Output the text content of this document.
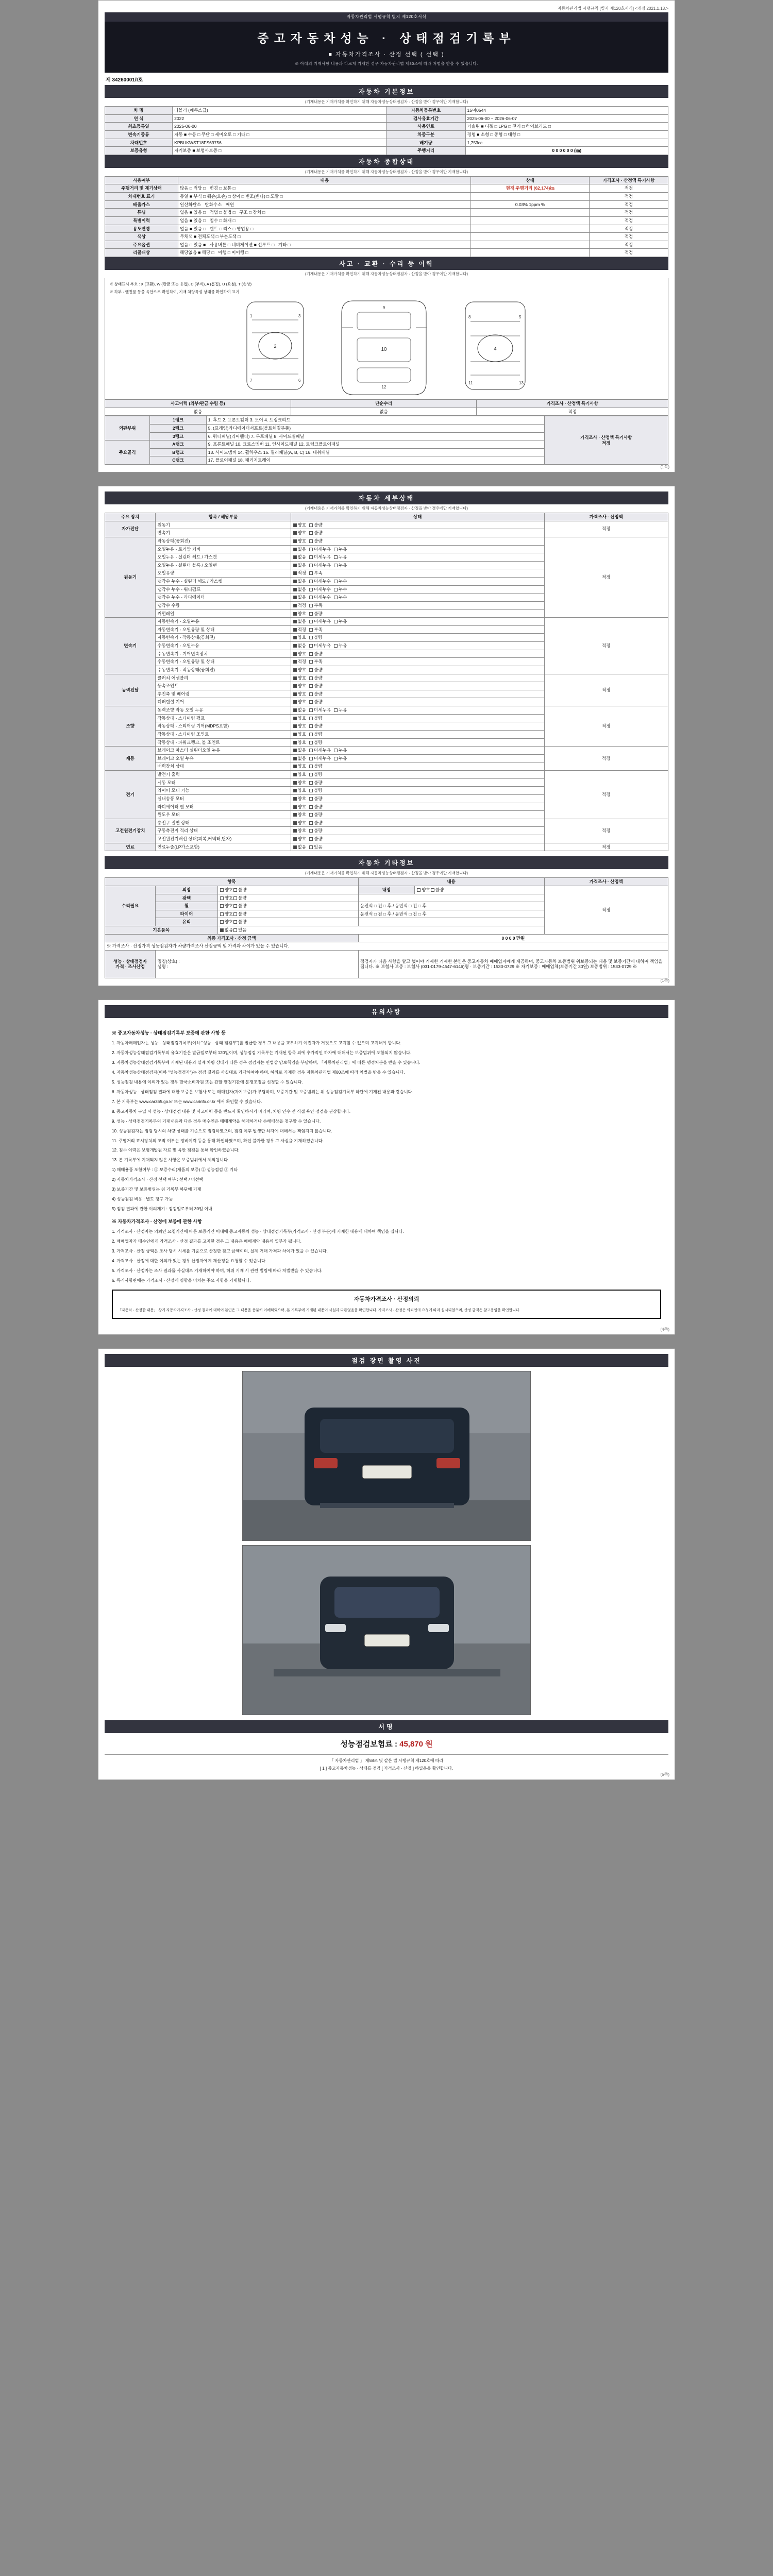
자동차관리법 시행규칙 [별지 제120호서식] <개정 2021.1.13.>
자동차관리법 시행규칙 별지 제120호서식
중고자동차성능 · 상태점검기록부
■ 자동차가격조사 · 산정 선택 ( 선택 )
※ 아래의 기재사항 내용과 다르게 기재한 경우 자동차관리법 제80조에 따라 처벌을 받을 수 있습니다.
제 34260001/I호
자동차 기본정보
(기재내용은 기재가치를 확인하기 위해 자동차성능상태점검자 · 산정을 받아 경우에만 기재합니다)
차 명	티볼리 (에쿠스급)	자동차등록번호	15머0544
연 식	2022	검사유효기간	2025-06-00 ~ 2026-06-07
최초등록일	2025-06-00	사용연료	가솔린 ■ 디젤 □ LPG □ 전기 □ 하이브리드 □
변속기종류	자동 ■ 수동 □ 무단 □ 세미오토 □ 기타 □	차종구분	경형 ■ 소형 □ 중형 □ 대형 □
차대번호	KPBUKWST18FS69756	배기량	1,753cc
보증유형	자기보증 ■ 보험사보증 □	주행거리	0 0 0 0 0 0 (㎞)
자동차 종합상태
(기재내용은 기재가치를 확인하기 위해 자동차성능상태점검자 · 산정을 받아 경우에만 기재합니다)
사용여부	내용	상태	가격조사 · 산정액 특기사항
주행거리 및 계기상태	많음 □ 적당 □ 변경 □ 보통 □	현재 주행거리 (62,174)㎞	적정
차대번호 표기	동일 ■ 부식 □ 훼손(오손) □ 상이 □ 변조(변타) □ 도말 □		적정
배출가스	일산화탄소 탄화수소 매연	0.03% 1ppm %	적정
튜닝	없음 ■ 있음 □ 적법 □ 불법 □ 구조 □ 장치 □		적정
특별이력	없음 ■ 있음 □ 침수 □ 화재 □		적정
용도변경	없음 ■ 있음 □ 렌트 □ 리스 □ 영업용 □		적정
색상	무채색 ■ 전체도색 □ 부분도색 □		적정
주요옵션	없음 □ 있음 ■ 사용버튼 □ 네비게이션 ■ 선루프 □ 기타 □		적정
리콜대상	해당없음 ■ 해당 □ 이행 □ 미이행 □		적정
사고 · 교환 · 수리 등 이력
(기재내용은 기재가치를 확인하기 위해 자동차성능상태점검자 · 산정을 받아 경우에만 기재합니다)
※ 상태표시 부호 : X (교환), W (판금 또는 용접), C (부식), A (흠집), U (요철), T (손상)
※ 하부 · 엔진룸 등을 육안으로 확인하여, 기재 차량특성 상태를 확인하여 표기
2
1	3
7	6
10
9
12
4
8	5
11	13
사고이력 (외부/판금 수림 등)	단순수리	가격조사 · 산정액 특기사항
없음	없음	적정
외판부위	1랭크	1. 후드 2. 프론트휀더 3. 도어 4. 트렁크리드	가격조사 · 산정액 특기사항
적정

	2랭크	5. (프레임)라디에이터서포트(볼트체결부품)	
	3랭크	6. 쿼터패널(리어휀더) 7. 루프패널 8. 사이드실패널	
주요골격	A랭크	9. 프론트패널 10. 크로스멤버 11. 인사이드패널 12. 트렁크플로어패널	
	B랭크	13. 사이드멤버 14. 휠하우스 15. 필러패널(A, B, C) 16. 대쉬패널	
	C랭크	17. 플로어패널 18. 패키지트레이	
(1쪽)
자동차 세부상태
(기재내용은 기재가치를 확인하기 위해 자동차성능상태점검자 · 산정을 받아 경우에만 기재합니다)
주요 장치	항목 / 해당부품	상태	가격조사 · 산정액
자가진단	원동기	양호 불량	적정
	변속기	양호 불량	
원동기	작동상태(공회전)	양호 불량	적정
	오일누유 - 로커암 커버	없음 미세누유 누유	
	오일누유 - 실린더 헤드 / 가스켓	없음 미세누유 누유	
	오일누유 - 실린더 블록 / 오일팬	없음 미세누유 누유	
	오일유량	적정 부족	
	냉각수 누수 - 실린더 헤드 / 가스켓	없음 미세누수 누수	
	냉각수 누수 - 워터펌프	없음 미세누수 누수	
	냉각수 누수 - 라디에이터	없음 미세누수 누수	
	냉각수 수량	적정 부족	
	커먼레일	양호 불량	
변속기	자동변속기 - 오일누유	없음 미세누유 누유	적정
	자동변속기 - 오일유량 및 상태	적정 부족	
	자동변속기 - 작동상태(공회전)	양호 불량	
	수동변속기 - 오일누유	없음 미세누유 누유	
	수동변속기 - 기어변속장치	양호 불량	
	수동변속기 - 오일유량 및 상태	적정 부족	
	수동변속기 - 작동상태(공회전)	양호 불량	
동력전달	클러치 어셈블리	양호 불량	적정
	등속조인트	양호 불량	
	추진축 및 베어링	양호 불량	
	디퍼렌셜 기어	양호 불량	
조향	동력조향 작동 오일 누유	없음 미세누유 누유	적정
	작동상태 - 스티어링 펌프	양호 불량	
	작동상태 - 스티어링 기어(MDPS포함)	양호 불량	
	작동상태 - 스티어링 조인트	양호 불량	
	작동상태 - 파워크랭크, 볼 조인트	양호 불량	
제동	브레이크 마스터 실린더오일 누유	없음 미세누유 누유	적정
	브레이크 오일 누유	없음 미세누유 누유	
	배력장치 상태	양호 불량	
전기	발전기 출력	양호 불량	적정
	시동 모터	양호 불량	
	와이퍼 모터 기능	양호 불량	
	실내송풍 모터	양호 불량	
	라디에이터 팬 모터	양호 불량	
	윈도우 모터	양호 불량	
고전원전기장치	충전구 절연 상태	양호 불량	적정
	구동축전지 격리 상태	양호 불량	
	고전원전기배선 상태(피복,커넥터,단자)	양호 불량	
연료	연료누출(LP가스포함)	없음 있음	적정
자동차 기타정보
(기재내용은 기재가치를 확인하기 위해 자동차성능상태점검자 · 산정을 받아 경우에만 기재합니다)
항목			내용		가격조사 · 산정액
수리필요	외장	양호 불량	내장	양호 불량	적정
	광택	양호 불량			
	휠	양호 불량	운전석 □ 전 □ 후 / 동반석 □ 전 □ 후		
	타이어	양호 불량	운전석 □ 전 □ 후 / 동반석 □ 전 □ 후		
	유리	양호 불량			
기본품목		없음 있음			
최종 가격조사 · 산정 금액			0 0 0 0 만원		
※ 가격조사 · 산정가격 성능점검자가 차량가격조사 산정금액 및 가격과 차이가 있을 수 있습니다.					

성능 · 상태점검자
가격 · 조사산정

명칭(상호) :
성명 :
	점검자가 다음 사항을 알고 했어야 기재한 기재한 본인은 중고자동차 매매업자에게 제공하며, 중고자동차 보증범위 위보증되는 내용 및 보증기간에 대하여 책임을 집니다. ※ 보험사 보증 : 보험사 (031-0179-4547-6146)명 · 보증기간 : 1533-0729 ※ 자기보증 : 매매업체(보증기간 30일) 보증범위 : 1533-0729 ※
(1쪽)
유의사항
※ 중고자동차성능 · 상태점검기록부 보증에 관한 사항 등

1. 자동차매매업자는 성능 · 상태점검기록부(이하 "성능 · 상태 점검부")를 발급한 경우 그 내용을 교부하기 이전자가 거짓으로 고지할 수 없으며 고지해야 합니다.

2. 자동차성능상태점검기록부의 유효기간은 발급일로부터 120일이며, 성능점검 기록부는 기재된 항목 외에 추가적인 하자에 대해서는 보증범위에 포함되지 않습니다.

3. 자동차성능상태점검기록부에 기재된 내용과 실제 차량 상태가 다른 경우 점검자는 민법상 담보책임을 부담하며, 「자동차관리법」에 따른 행정처분을 받을 수 있습니다.

4. 자동차성능상태점검자(이하 "성능점검자")는 점검 결과를 사실대로 기재하여야 하며, 허위로 기재한 경우 자동차관리법 제80조에 따라 처벌을 받을 수 있습니다.

5. 성능점검 내용에 이의가 있는 경우 한국소비자원 또는 관할 행정기관에 분쟁조정을 신청할 수 있습니다.

6. 자동차성능 · 상태점검 결과에 대한 보증은 보험사 또는 매매업자(자기보증)가 부담하며, 보증기간 및 보증범위는 위 성능점검기록부 하단에 기재된 내용과 같습니다.

7. 본 기록부는 www.car365.go.kr 또는 www.carinfo.or.kr 에서 확인할 수 있습니다.

8. 중고자동차 구입 시 성능 · 상태점검 내용 및 사고이력 등을 반드시 확인하시기 바라며, 차량 인수 전 직접 육안 점검을 권장합니다.

9. 성능 · 상태점검기록부의 기재내용과 다른 경우 매수인은 매매계약을 해제하거나 손해배상을 청구할 수 있습니다.

10. 성능점검자는 점검 당시의 차량 상태를 기준으로 점검하였으며, 점검 이후 발생한 하자에 대해서는 책임지지 않습니다.

11. 주행거리 표시장치의 조작 여부는 정비이력 등을 통해 확인하였으며, 확인 불가한 경우 그 사실을 기재하였습니다.

12. 침수 이력은 보험개발원 자료 및 육안 점검을 통해 확인하였습니다.

13. 본 기록부에 기재되지 않은 사항은 보증범위에서 제외됩니다.

1) 매매용품 포함여부 : ① 보증수리(제품의 보증) ② 성능점검 ③ 기타

2) 자동차가격조사 · 산정 선택 여부 : 선택 / 미선택

3) 보증기간 및 보증범위는 위 기록부 하단에 기재

4) 성능점검 비용 : 별도 청구 가능

5) 점검 결과에 관한 이의제기 : 점검일로부터 30일 이내

※ 자동차가격조사 · 산정에 보증에 관한 사항

1. 가격조사 · 산정자는 의뢰인 요청기간에 따른 보증기간 이내에 중고자동차 성능 · 상태점검기록부(가격조사 · 산정 부분)에 기재한 내용에 대하여 책임을 집니다.

2. 매매업자가 매수인에게 가격조사 · 산정 결과를 고지한 경우 그 내용은 매매계약 내용의 일부가 됩니다.

3. 가격조사 · 산정 금액은 조사 당시 시세를 기준으로 산정한 참고 금액이며, 실제 거래 가격과 차이가 있을 수 있습니다.

4. 가격조사 · 산정에 대한 이의가 있는 경우 산정자에게 재산정을 요청할 수 있습니다.

5. 가격조사 · 산정자는 조사 결과를 사실대로 기재하여야 하며, 허위 기재 시 관련 법령에 따라 처벌받을 수 있습니다.

6. 특기사항란에는 가격조사 · 산정에 영향을 미치는 주요 사항을 기재합니다.

자동차가격조사 · 산정의뢰
「자동차 · 산정한 내용」 상기 자동차가격조사 · 산정 결과에 대하여 본인은 그 내용을 충분히 이해하였으며, 본 기록부에 기재된 내용이 사실과 다름없음을 확인합니다. 가격조사 · 산정은 의뢰인의 요청에 따라 실시되었으며, 산정 금액은 참고용임을 확인합니다.
(4쪽)
점검 장면 촬영 사진
서명
성능점검보험료 : 45,870 원
「 자동차관리법 」 제58조 및 같은 법 시행규칙 제120호에 따라
[ 1 ] 중고자동차성능 · 상태를 점검 [ 가격조사 · 산정 ] 하였음을 확인합니다.
(5쪽)
